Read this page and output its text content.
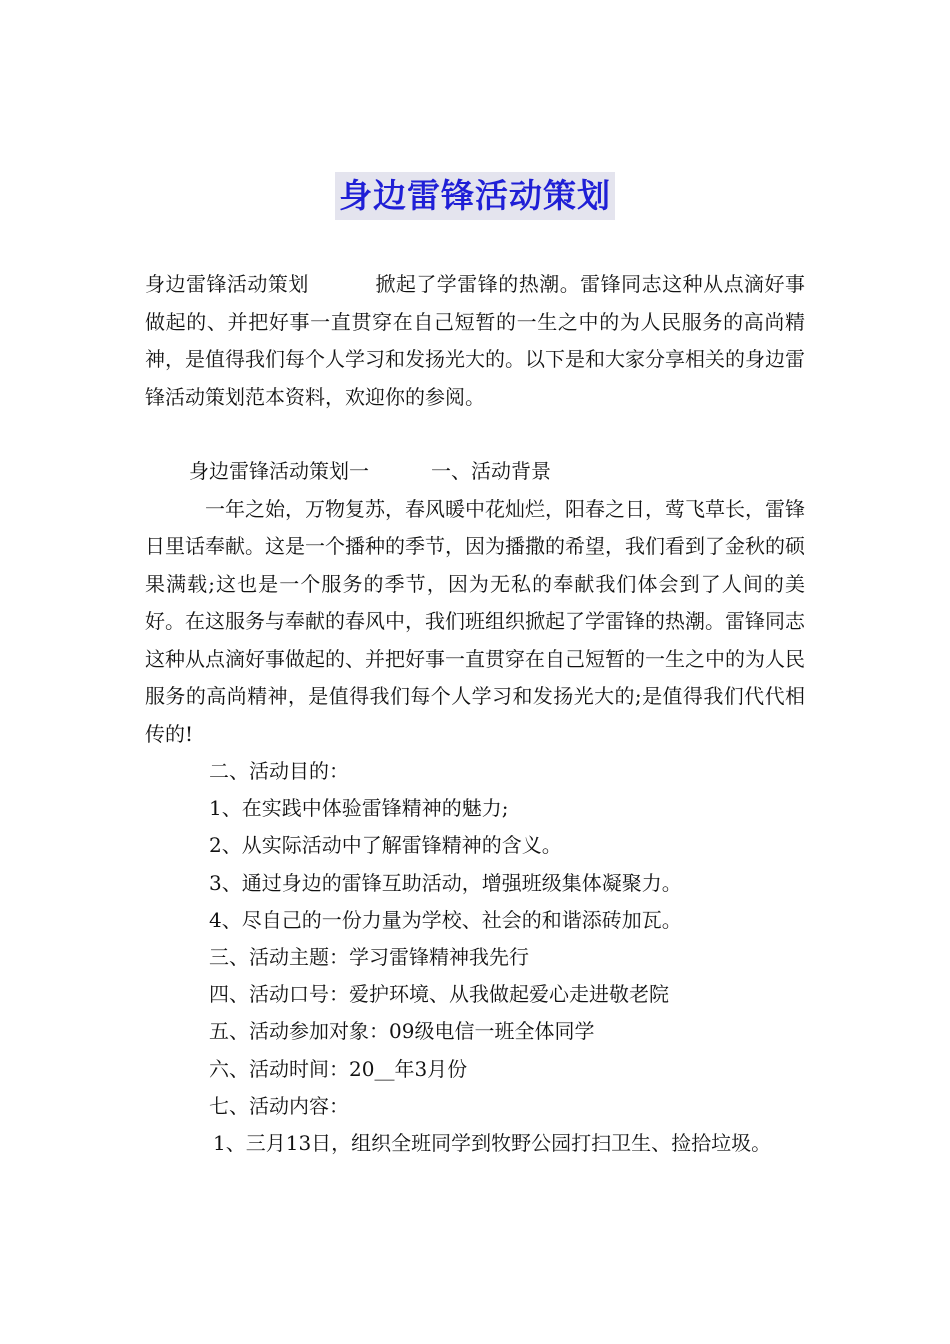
身边雷锋活动策划

身边雷锋活动策划	掀起了学雷锋的热潮。雷锋同志这种从点滴好事做起的、并把好事一直贯穿在自己短暂的一生之中的为人民服务的高尚精神，是值得我们每个人学习和发扬光大的。以下是和大家分享相关的身边雷锋活动策划范本资料，欢迎你的参阅。

身边雷锋活动策划一	一、活动背景

一年之始，万物复苏，春风暖中花灿烂，阳春之日，莺飞草长，雷锋日里话奉献。这是一个播种的季节，因为播撒的希望，我们看到了金秋的硕果满载;这也是一个服务的季节，因为无私的奉献我们体会到了人间的美好。在这服务与奉献的春风中，我们班组织掀起了学雷锋的热潮。雷锋同志这种从点滴好事做起的、并把好事一直贯穿在自己短暂的一生之中的为人民服务的高尚精神，是值得我们每个人学习和发扬光大的;是值得我们代代相传的!

二、活动目的：

1、在实践中体验雷锋精神的魅力;

2、从实际活动中了解雷锋精神的含义。

3、通过身边的雷锋互助活动，增强班级集体凝聚力。

4、尽自己的一份力量为学校、社会的和谐添砖加瓦。

三、活动主题：学习雷锋精神我先行

四、活动口号：爱护环境、从我做起爱心走进敬老院

五、活动参加对象：09级电信一班全体同学

六、活动时间：20__年3月份

七、活动内容：

1、三月13日，组织全班同学到牧野公园打扫卫生、捡拾垃圾。
